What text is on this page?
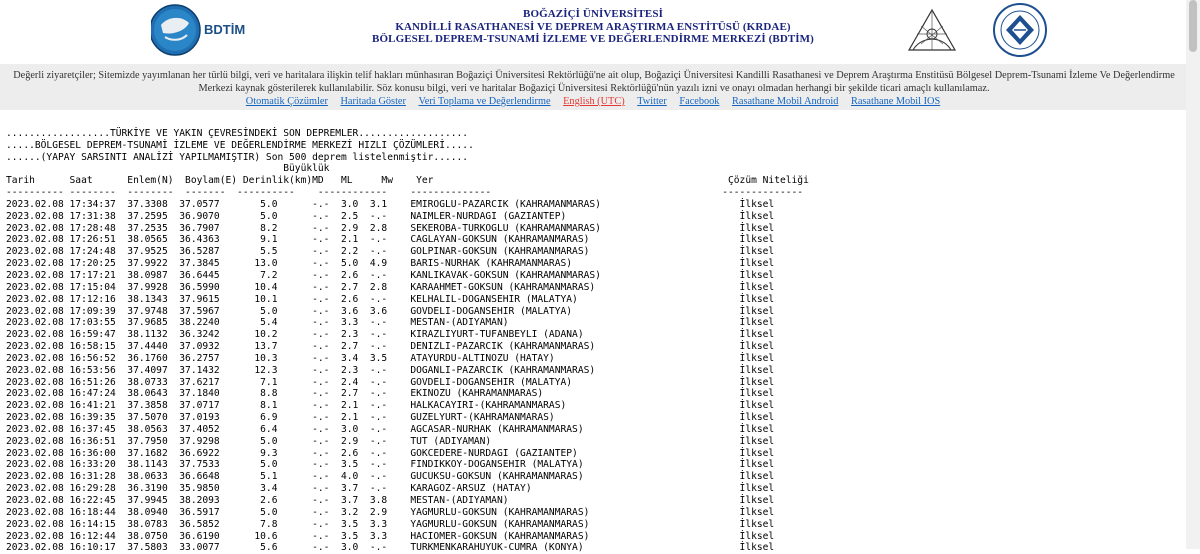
BDTİM
BOĞAZİÇİ ÜNİVERSİTESİ
KANDİLLİ RASATHANESİ VE DEPREM ARAŞTIRMA ENSTİTÜSÜ (KRDAE)
BÖLGESEL DEPREM-TSUNAMİ İZLEME VE DEĞERLENDİRME MERKEZİ (BDTİM)
Değerli ziyaretçiler; Sitemizde yayımlanan her türlü bilgi, veri ve haritalara ilişkin telif hakları münhasıran Boğaziçi Üniversitesi Rektörlüğü'ne ait olup, Boğaziçi Üniversitesi Kandilli Rasathanesi ve Deprem Araştırma Enstitüsü Bölgesel Deprem-Tsunami İzleme Ve Değerlendirme Merkezi kaynak gösterilerek kullanılabilir. Söz konusu bilgi, veri ve haritalar Boğaziçi Üniversitesi Rektörlüğü'nün yazılı izni ve onayı olmadan herhangi bir şekilde ticari amaçlı kullanılamaz.
Otomatik Çözümler Haritada Göster Veri Toplama ve Değerlendirme English (UTC) Twitter Facebook Rasathane Mobil Android Rasathane Mobil IOS

..................TÜRKİYE VE YAKIN ÇEVRESİNDEKİ SON DEPREMLER...................
.....BÖLGESEL DEPREM-TSUNAMİ İZLEME VE DEĞERLENDİRME MERKEZİ HIZLI ÇÖZÜMLERİ.....
......(YAPAY SARSINTI ANALİZİ YAPILMAMIŞTIR) Son 500 deprem listelenmiştir......
Büyüklük
Tarih      Saat      Enlem(N)  Boylam(E) Derinlik(km)MD   ML     Mw    Yer                                                   Çözüm Niteliği
---------- --------  --------  -------  ----------    ------------    --------------                                        --------------
2023.02.08 17:34:37  37.3308  37.0577       5.0      -.-  3.0  3.1    EMIROGLU-PAZARCIK (KAHRAMANMARAS)                        İlksel
2023.02.08 17:31:38  37.2595  36.9070       5.0      -.-  2.5  -.-    NAIMLER-NURDAGI (GAZIANTEP)                              İlksel
2023.02.08 17:28:48  37.2535  36.7907       8.2      -.-  2.9  2.8    SEKEROBA-TURKOGLU (KAHRAMANMARAS)                        İlksel
2023.02.08 17:26:51  38.0565  36.4363       9.1      -.-  2.1  -.-    CAGLAYAN-GOKSUN (KAHRAMANMARAS)                          İlksel
2023.02.08 17:24:48  37.9525  36.5287       5.5      -.-  2.2  -.-    GOLPINAR-GOKSUN (KAHRAMANMARAS)                          İlksel
2023.02.08 17:20:25  37.9922  37.3845      13.0      -.-  5.0  4.9    BARIS-NURHAK (KAHRAMANMARAS)                             İlksel
2023.02.08 17:17:21  38.0987  36.6445       7.2      -.-  2.6  -.-    KANLIKAVAK-GOKSUN (KAHRAMANMARAS)                        İlksel
2023.02.08 17:15:04  37.9928  36.5990      10.4      -.-  2.7  2.8    KARAAHMET-GOKSUN (KAHRAMANMARAS)                         İlksel
2023.02.08 17:12:16  38.1343  37.9615      10.1      -.-  2.6  -.-    KELHALIL-DOGANSEHIR (MALATYA)                            İlksel
2023.02.08 17:09:39  37.9748  37.5967       5.0      -.-  3.6  3.6    GOVDELI-DOGANSEHIR (MALATYA)                             İlksel
2023.02.08 17:03:55  37.9685  38.2240       5.4      -.-  3.3  -.-    MESTAN-(ADIYAMAN)                                        İlksel
2023.02.08 16:59:47  38.1132  36.3242      10.2      -.-  2.3  -.-    KIRAZLIYURT-TUFANBEYLI (ADANA)                           İlksel
2023.02.08 16:58:15  37.4440  37.0932      13.7      -.-  2.7  -.-    DENIZLI-PAZARCIK (KAHRAMANMARAS)                         İlksel
2023.02.08 16:56:52  36.1760  36.2757      10.3      -.-  3.4  3.5    ATAYURDU-ALTINOZU (HATAY)                                İlksel
2023.02.08 16:53:56  37.4097  37.1432      12.3      -.-  2.3  -.-    DOGANLI-PAZARCIK (KAHRAMANMARAS)                         İlksel
2023.02.08 16:51:26  38.0733  37.6217       7.1      -.-  2.4  -.-    GOVDELI-DOGANSEHIR (MALATYA)                             İlksel
2023.02.08 16:47:24  38.0643  37.1840       8.8      -.-  2.7  -.-    EKINOZU (KAHRAMANMARAS)                                  İlksel
2023.02.08 16:41:21  37.3858  37.0717       8.1      -.-  2.1  -.-    HALKACAYIRI-(KAHRAMANMARAS)                              İlksel
2023.02.08 16:39:35  37.5070  37.0193       6.9      -.-  2.1  -.-    GUZELYURT-(KAHRAMANMARAS)                                İlksel
2023.02.08 16:37:45  38.0563  37.4052       6.4      -.-  3.0  -.-    AGCASAR-NURHAK (KAHRAMANMARAS)                           İlksel
2023.02.08 16:36:51  37.7950  37.9298       5.0      -.-  2.9  -.-    TUT (ADIYAMAN)                                           İlksel
2023.02.08 16:36:00  37.1682  36.6922       9.3      -.-  2.6  -.-    GOKCEDERE-NURDAGI (GAZIANTEP)                            İlksel
2023.02.08 16:33:20  38.1143  37.7533       5.0      -.-  3.5  -.-    FINDIKKOY-DOGANSEHIR (MALATYA)                           İlksel
2023.02.08 16:31:28  38.0633  36.6648       5.1      -.-  4.0  -.-    GUCUKSU-GOKSUN (KAHRAMANMARAS)                           İlksel
2023.02.08 16:29:28  36.3190  35.9850       3.4      -.-  3.7  -.-    KARAGOZ-ARSUZ (HATAY)                                    İlksel
2023.02.08 16:22:45  37.9945  38.2093       2.6      -.-  3.7  3.8    MESTAN-(ADIYAMAN)                                        İlksel
2023.02.08 16:18:44  38.0940  36.5917       5.0      -.-  3.2  2.9    YAGMURLU-GOKSUN (KAHRAMANMARAS)                          İlksel
2023.02.08 16:14:15  38.0783  36.5852       7.8      -.-  3.5  3.3    YAGMURLU-GOKSUN (KAHRAMANMARAS)                          İlksel
2023.02.08 16:12:44  38.0750  36.6190      10.6      -.-  3.5  3.3    HACIOMER-GOKSUN (KAHRAMANMARAS)                          İlksel
2023.02.08 16:10:17  37.5803  33.0077       5.6      -.-  3.0  -.-    TURKMENKARAHUYUK-CUMRA (KONYA)                           İlksel
